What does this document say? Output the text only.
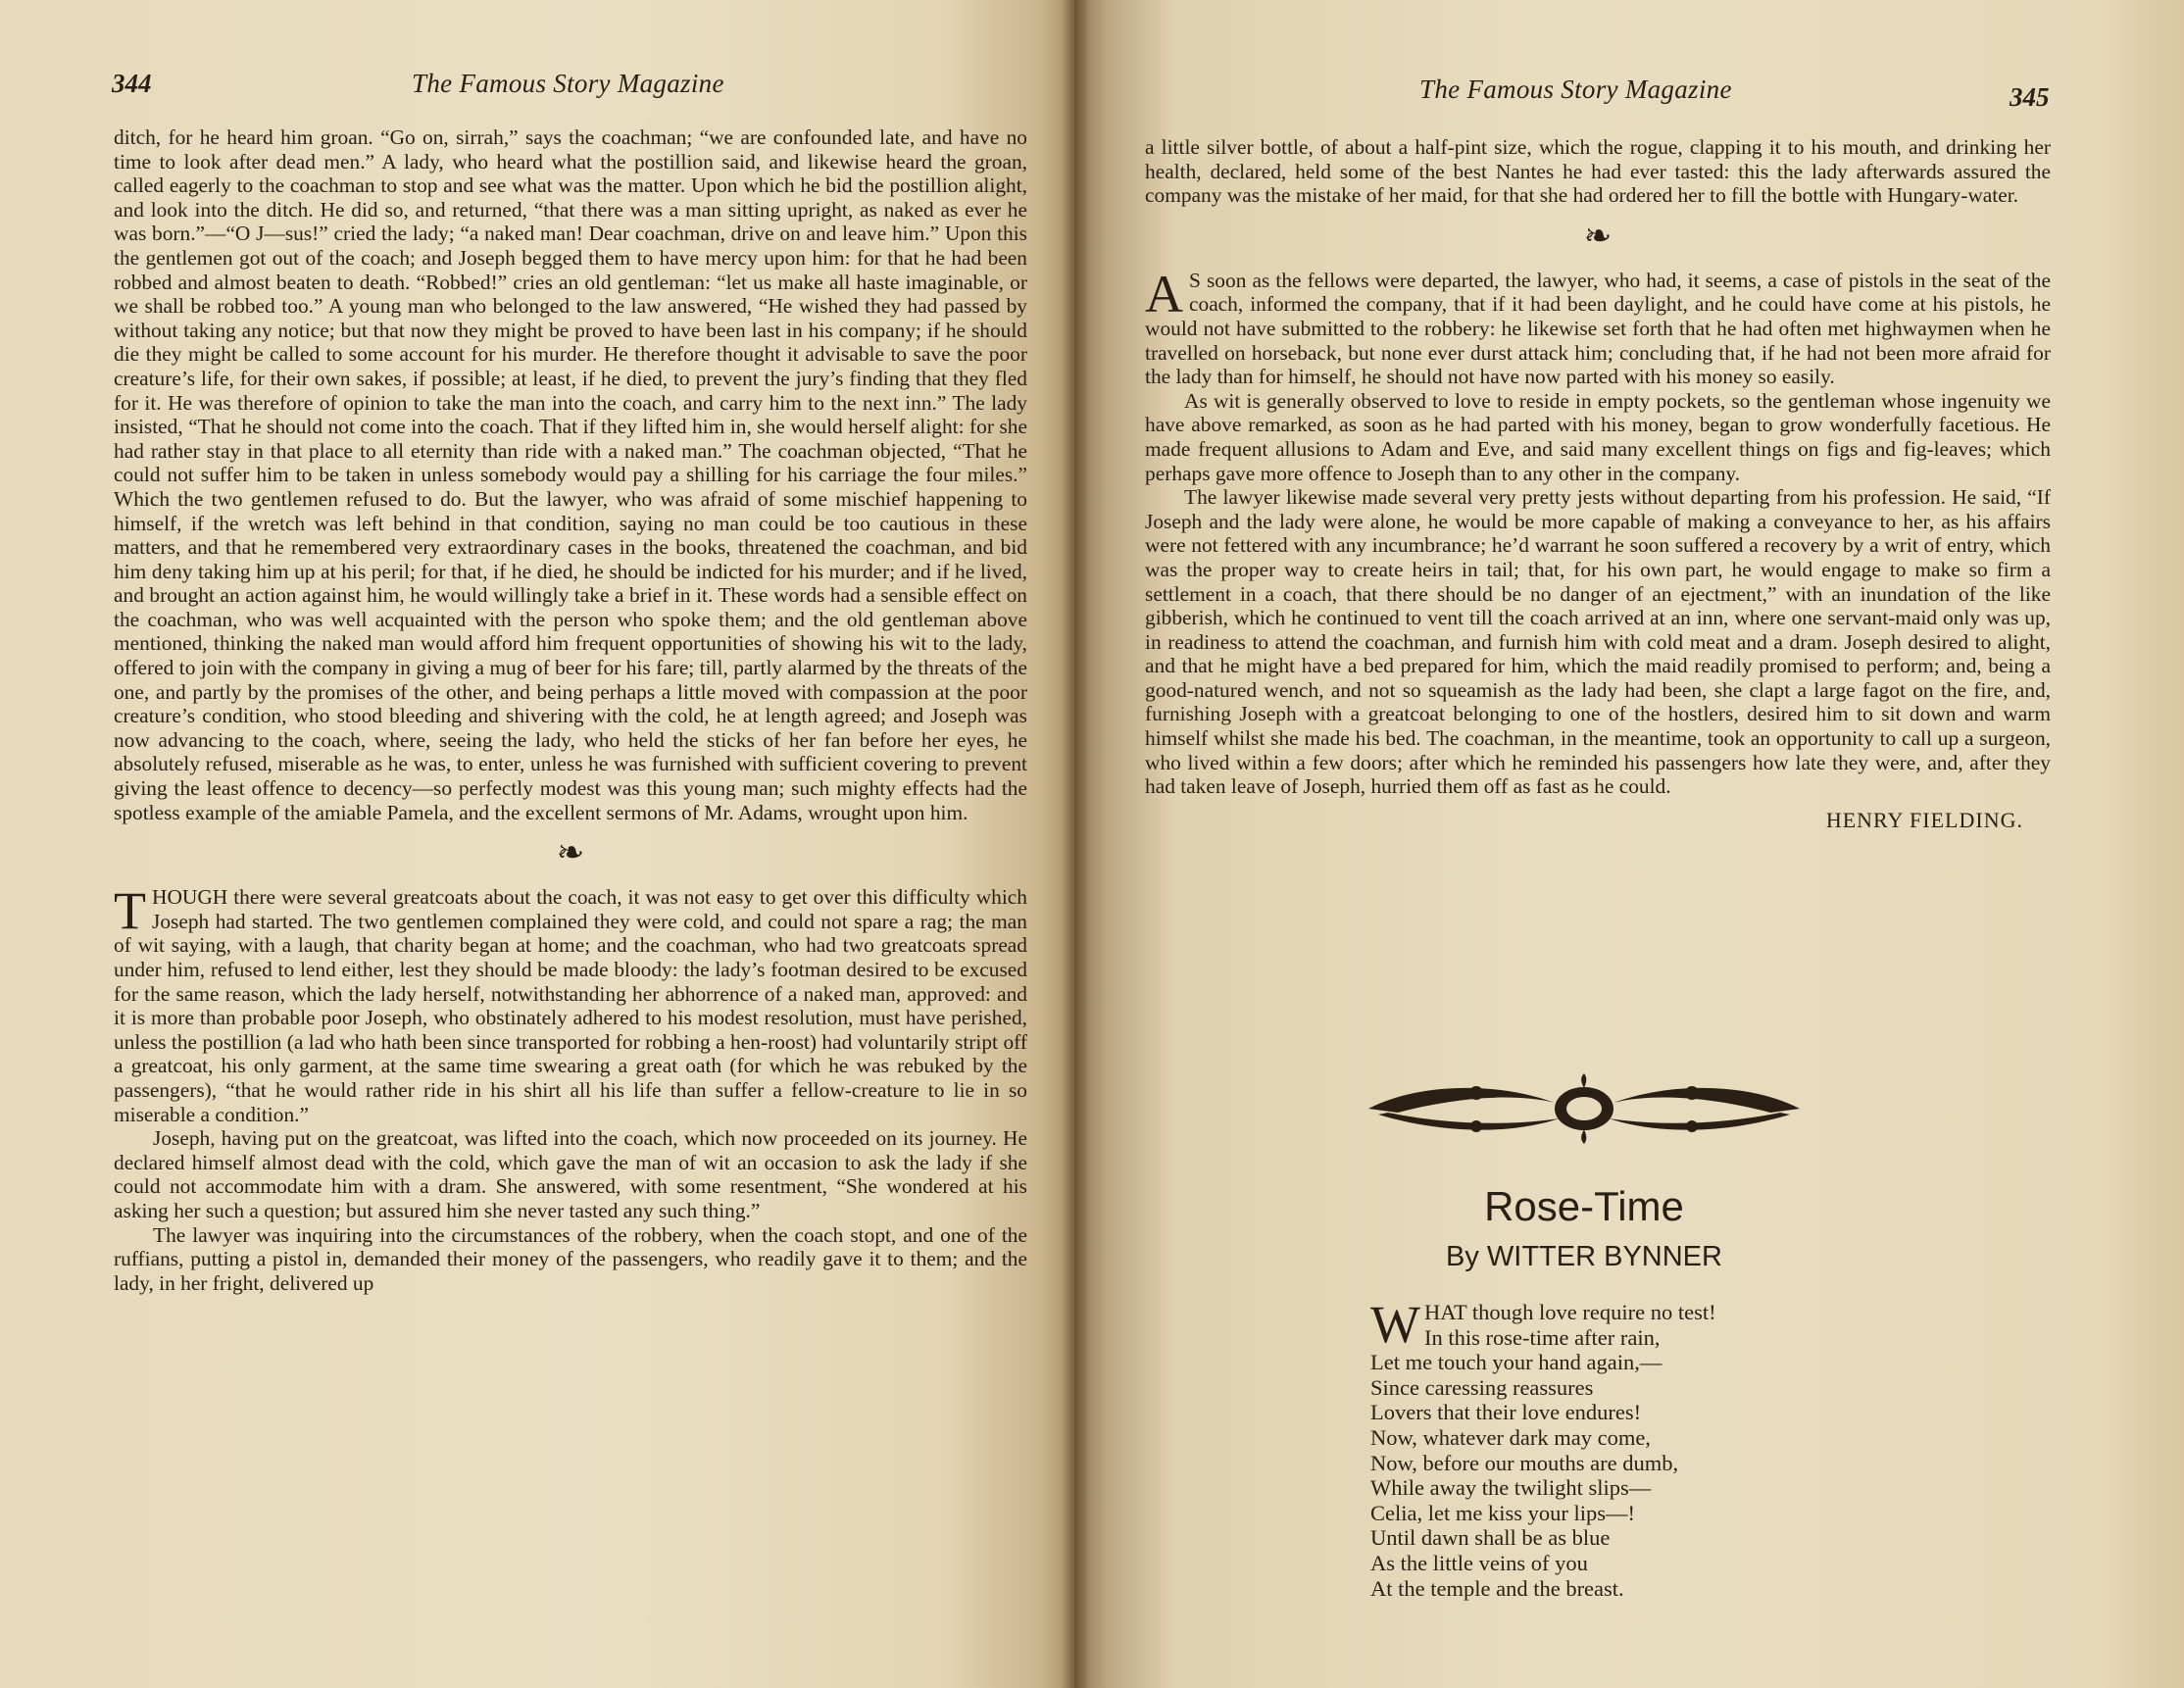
344	The Famous Story Magazine

ditch, for he heard him groan. “Go on, sirrah,” says the coachman; “we are confounded late, and have no time to look after dead men.” A lady, who heard what the postillion said, and likewise heard the groan, called eagerly to the coachman to stop and see what was the matter. Upon which he bid the postillion alight, and look into the ditch. He did so, and returned, “that there was a man sitting upright, as naked as ever he was born.”—“O J—sus!” cried the lady; “a naked man! Dear coachman, drive on and leave him.” Upon this the gentlemen got out of the coach; and Joseph begged them to have mercy upon him: for that he had been robbed and almost beaten to death. “Robbed!” cries an old gentleman: “let us make all haste imaginable, or we shall be robbed too.” A young man who belonged to the law answered, “He wished they had passed by without taking any notice; but that now they might be proved to have been last in his company; if he should die they might be called to some account for his murder. He therefore thought it advisable to save the poor creature’s life, for their own sakes, if possible; at least, if he died, to prevent the jury’s finding that they fled for it. He was therefore of opinion to take the man into the coach, and carry him to the next inn.” The lady insisted, “That he should not come into the coach. That if they lifted him in, she would herself alight: for she had rather stay in that place to all eternity than ride with a naked man.” The coachman objected, “That he could not suffer him to be taken in unless somebody would pay a shilling for his carriage the four miles.” Which the two gentlemen refused to do. But the lawyer, who was afraid of some mischief happening to himself, if the wretch was left behind in that condition, saying no man could be too cautious in these matters, and that he remembered very extraordinary cases in the books, threatened the coachman, and bid him deny taking him up at his peril; for that, if he died, he should be indicted for his murder; and if he lived, and brought an action against him, he would willingly take a brief in it. These words had a sensible effect on the coachman, who was well acquainted with the person who spoke them; and the old gentleman above mentioned, thinking the naked man would afford him frequent opportunities of showing his wit to the lady, offered to join with the company in giving a mug of beer for his fare; till, partly alarmed by the threats of the one, and partly by the promises of the other, and being perhaps a little moved with compassion at the poor creature’s condition, who stood bleeding and shivering with the cold, he at length agreed; and Joseph was now advancing to the coach, where, seeing the lady, who held the sticks of her fan before her eyes, he absolutely refused, miserable as he was, to enter, unless he was furnished with sufficient covering to prevent giving the least offence to decency—so perfectly modest was this young man; such mighty effects had the spotless example of the amiable Pamela, and the excellent sermons of Mr. Adams, wrought upon him.

❧

THOUGH there were several greatcoats about the coach, it was not easy to get over this difficulty which Joseph had started. The two gentlemen complained they were cold, and could not spare a rag; the man of wit saying, with a laugh, that charity began at home; and the coachman, who had two greatcoats spread under him, refused to lend either, lest they should be made bloody: the lady’s footman desired to be excused for the same reason, which the lady herself, notwithstanding her abhorrence of a naked man, approved: and it is more than probable poor Joseph, who obstinately adhered to his modest resolution, must have perished, unless the postillion (a lad who hath been since transported for robbing a hen-roost) had voluntarily stript off a greatcoat, his only garment, at the same time swearing a great oath (for which he was rebuked by the passengers), “that he would rather ride in his shirt all his life than suffer a fellow-creature to lie in so miserable a condition.”

Joseph, having put on the greatcoat, was lifted into the coach, which now proceeded on its journey. He declared himself almost dead with the cold, which gave the man of wit an occasion to ask the lady if she could not accommodate him with a dram. She answered, with some resentment, “She wondered at his asking her such a question; but assured him she never tasted any such thing.”

The lawyer was inquiring into the circumstances of the robbery, when the coach stopt, and one of the ruffians, putting a pistol in, demanded their money of the passengers, who readily gave it to them; and the lady, in her fright, delivered up

The Famous Story Magazine	345

a little silver bottle, of about a half-pint size, which the rogue, clapping it to his mouth, and drinking her health, declared, held some of the best Nantes he had ever tasted: this the lady afterwards assured the company was the mistake of her maid, for that she had ordered her to fill the bottle with Hungary-water.

❧

A S soon as the fellows were departed, the lawyer, who had, it seems, a case of pistols in the seat of the coach, informed the company, that if it had been daylight, and he could have come at his pistols, he would not have submitted to the robbery: he likewise set forth that he had often met highwaymen when he travelled on horseback, but none ever durst attack him; concluding that, if he had not been more afraid for the lady than for himself, he should not have now parted with his money so easily.

As wit is generally observed to love to reside in empty pockets, so the gentleman whose ingenuity we have above remarked, as soon as he had parted with his money, began to grow wonderfully facetious. He made frequent allusions to Adam and Eve, and said many excellent things on figs and fig-leaves; which perhaps gave more offence to Joseph than to any other in the company.

The lawyer likewise made several very pretty jests without departing from his profession. He said, “If Joseph and the lady were alone, he would be more capable of making a conveyance to her, as his affairs were not fettered with any incumbrance; he’d warrant he soon suffered a recovery by a writ of entry, which was the proper way to create heirs in tail; that, for his own part, he would engage to make so firm a settlement in a coach, that there should be no danger of an ejectment,” with an inundation of the like gibberish, which he continued to vent till the coach arrived at an inn, where one servant-maid only was up, in readiness to attend the coachman, and furnish him with cold meat and a dram. Joseph desired to alight, and that he might have a bed prepared for him, which the maid readily promised to perform; and, being a good-natured wench, and not so squeamish as the lady had been, she clapt a large fagot on the fire, and, furnishing Joseph with a greatcoat belonging to one of the hostlers, desired him to sit down and warm himself whilst she made his bed. The coachman, in the meantime, took an opportunity to call up a surgeon, who lived within a few doors; after which he reminded his passengers how late they were, and, after they had taken leave of Joseph, hurried them off as fast as he could.

HENRY FIELDING.
Rose-Time
By WITTER BYNNER
W HAT though love require no test!
In this rose-time after rain,
Let me touch your hand again,—
Since caressing reassures
Lovers that their love endures!
Now, whatever dark may come,
Now, before our mouths are dumb,
While away the twilight slips—
Celia, let me kiss your lips—!
Until dawn shall be as blue
As the little veins of you
At the temple and the breast.
